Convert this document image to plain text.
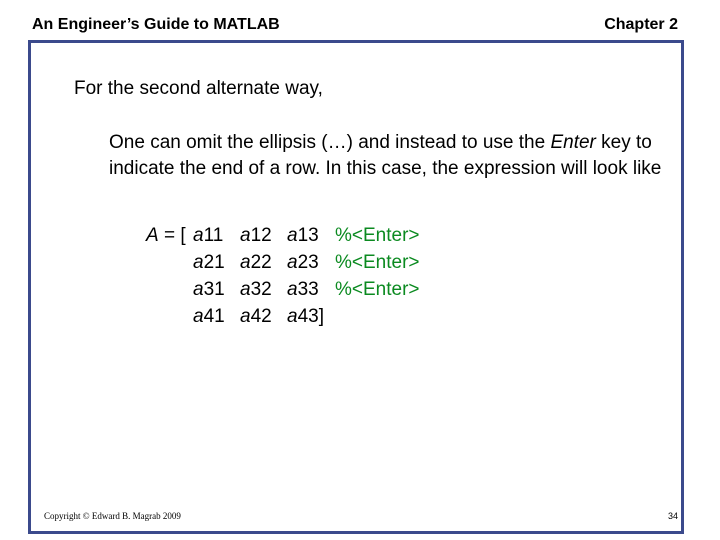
An Engineer’s Guide to MATLAB	Chapter 2
For the second alternate way,
One can omit the ellipsis (…) and instead to use the Enter key to indicate the end of a row. In this case, the expression will look like
A = [ a11 a12 a13 %<Enter>
a21 a22 a23 %<Enter>
a31 a32 a33 %<Enter>
a41 a42 a43]
Copyright © Edward B. Magrab 2009	34
